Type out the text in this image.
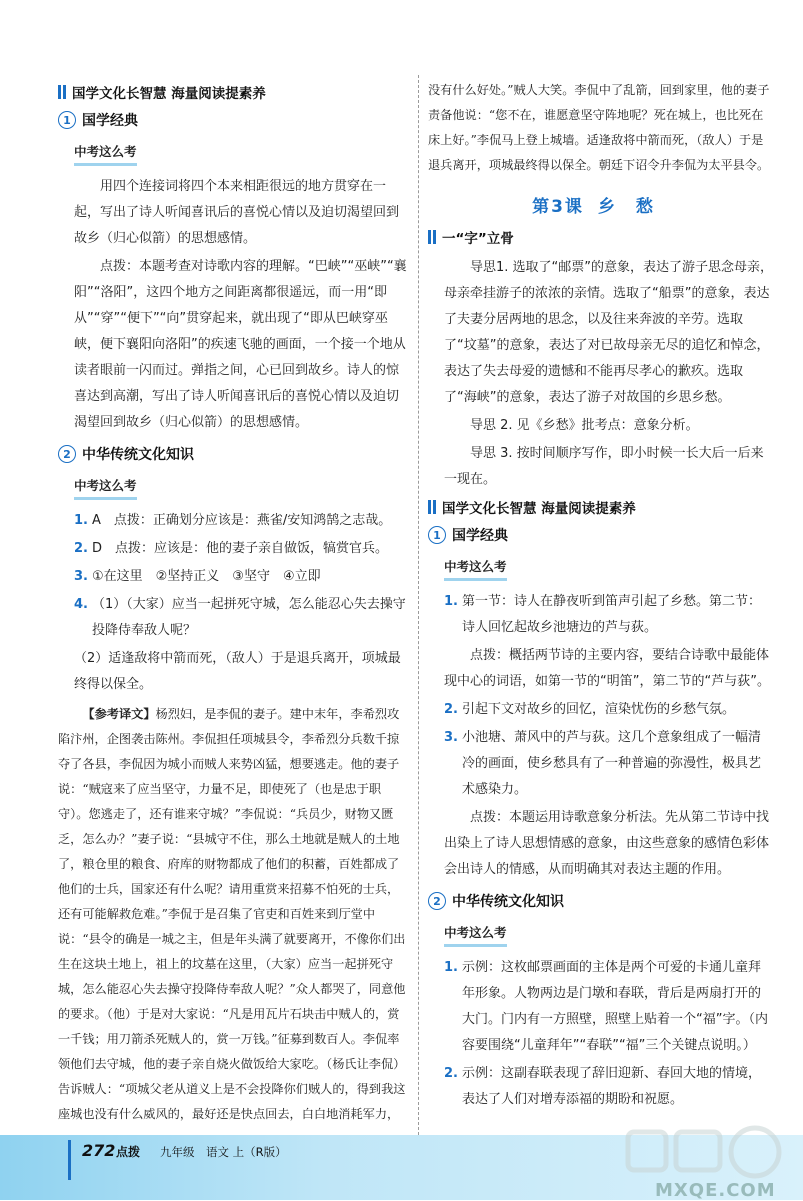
国学文化长智慧 海量阅读提素养
1 国学经典
中考这么考
用四个连接词将四个本来相距很远的地方贯穿在一起，写出了诗人听闻喜讯后的喜悦心情以及迫切渴望回到故乡（归心似箭）的思想感情。
点拨：本题考查对诗歌内容的理解。“巴峡”“巫峡”“襄阳”“洛阳”，这四个地方之间距离都很遥远，而一用“即从”“穿”“便下”“向”贯穿起来，就出现了“即从巴峡穿巫峡，便下襄阳向洛阳”的疾速飞驰的画面，一个接一个地从读者眼前一闪而过。弹指之间，心已回到故乡。诗人的惊喜达到高潮，写出了诗人听闻喜讯后的喜悦心情以及迫切渴望回到故乡（归心似箭）的思想感情。
2 中华传统文化知识
中考这么考
1. A　点拨：正确划分应该是：燕雀/安知鸿鹄之志哉。
2. D　点拨：应该是：他的妻子亲自做饭，犒赏官兵。
3. ①在这里　②坚持正义　③坚守　④立即
4. （1）（大家）应当一起拼死守城，怎么能忍心失去操守投降侍奉敌人呢？
（2）适逢敌将中箭而死，（敌人）于是退兵离开，项城最终得以保全。
【参考译文】杨烈妇，是李侃的妻子。建中末年，李希烈攻陷汴州，企图袭击陈州。李侃担任项城县令，李希烈分兵数千掠夺了各县，李侃因为城小而贼人来势凶猛，想要逃走。他的妻子说：“贼寇来了应当坚守，力量不足，即使死了（也是忠于职守）。您逃走了，还有谁来守城？”李侃说：“兵员少，财物又匮乏，怎么办？”妻子说：“县城守不住，那么土地就是贼人的土地了，粮仓里的粮食、府库的财物都成了他们的积蓄，百姓都成了他们的士兵，国家还有什么呢？请用重赏来招募不怕死的士兵，还有可能解救危难。”李侃于是召集了官吏和百姓来到厅堂中说：“县令的确是一城之主，但是年头满了就要离开，不像你们出生在这块土地上，祖上的坟墓在这里，（大家）应当一起拼死守城，怎么能忍心失去操守投降侍奉敌人呢？”众人都哭了，同意他的要求。（他）于是对大家说：“凡是用瓦片石块击中贼人的，赏一千钱；用刀箭杀死贼人的，赏一万钱。”征募到数百人。李侃率领他们去守城，他的妻子亲自烧火做饭给大家吃。（杨氏让李侃）告诉贼人：“项城父老从道义上是不会投降你们贼人的，得到我这座城也没有什么威风的，最好还是快点回去，白白地消耗军力，
没有什么好处。”贼人大笑。李侃中了乱箭，回到家里，他的妻子责备他说：“您不在，谁愿意坚守阵地呢？死在城上，也比死在床上好。”李侃马上登上城墙。适逢敌将中箭而死，（敌人）于是退兵离开，项城最终得以保全。朝廷下诏令升李侃为太平县令。
第3课 乡　愁
一“字”立骨
导思1. 选取了“邮票”的意象，表达了游子思念母亲，母亲牵挂游子的浓浓的亲情。选取了“船票”的意象，表达了夫妻分居两地的思念，以及往来奔波的辛劳。选取了“坟墓”的意象，表达了对已故母亲无尽的追忆和悼念，表达了失去母爱的遗憾和不能再尽孝心的歉疚。选取了“海峡”的意象，表达了游子对故国的乡思乡愁。
导思 2. 见《乡愁》批考点：意象分析。
导思 3. 按时间顺序写作，即小时候一长大后一后来一现在。
国学文化长智慧 海量阅读提素养
1 国学经典
中考这么考
1. 第一节：诗人在静夜听到笛声引起了乡愁。第二节：诗人回忆起故乡池塘边的芦与荻。
点拨：概括两节诗的主要内容，要结合诗歌中最能体现中心的词语，如第一节的“明笛”，第二节的“芦与荻”。
2. 引起下文对故乡的回忆，渲染忧伤的乡愁气氛。
3. 小池塘、萧风中的芦与荻。这几个意象组成了一幅清冷的画面，使乡愁具有了一种普遍的弥漫性，极具艺术感染力。
点拨：本题运用诗歌意象分析法。先从第二节诗中找出染上了诗人思想情感的意象，由这些意象的感情色彩体会出诗人的情感，从而明确其对表达主题的作用。
2 中华传统文化知识
中考这么考
1. 示例：这枚邮票画面的主体是两个可爱的卡通儿童拜年形象。人物两边是门墩和春联，背后是两扇打开的大门。门内有一方照壁，照壁上贴着一个“福”字。（内容要围绕“儿童拜年”“春联”“福”三个关键点说明。）
2. 示例：这副春联表现了辞旧迎新、春回大地的情境，表达了人们对增寿添福的期盼和祝愿。
272 点拨 九年级　语文 上（R版）
MXQE.COM
